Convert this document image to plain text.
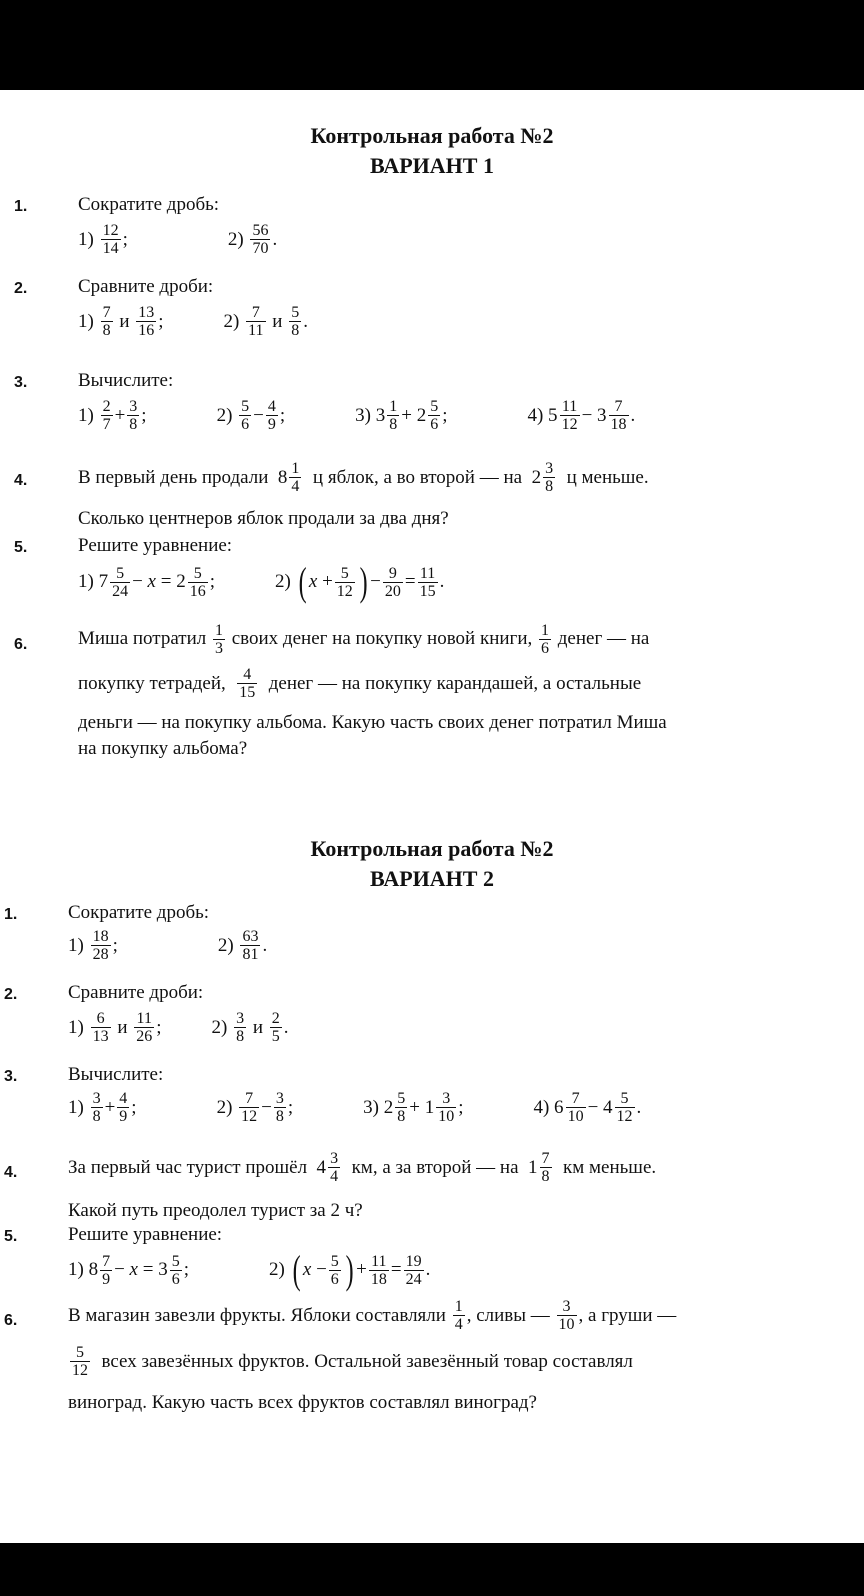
Контрольная работа №2
ВАРИАНТ 1
1.	Сократите дробь:
$1) \frac{12}{14}$ ;	$2) \frac{56}{70}$ .
2.	Сравните дроби:
$1) \frac{7}{8}$ и $\frac{13}{16}$ ;	$2) \frac{7}{11}$ и $\frac{5}{8}$ .
3.	Вычислите:
$1) \frac{2}{7} + \frac{3}{8}$ ;	$2) \frac{5}{6} - \frac{4}{9}$ ;	3) $3 \frac{1}{8} + 2 \frac{5}{6}$ ;	4) $5 \frac{11}{12} - 3 \frac{7}{18}$ .
4.	В первый день продали  $8 \frac{1}{4}$ ц яблок, а во второй — на  $2 \frac{3}{8}$ ц меньше.
Сколько центнеров яблок продали за два дня?
5.	Решите уравнение:
1) $7 \frac{5}{24} - x = 2 \frac{5}{16}$ ;	2) ( $x + \frac{5}{12}$ ) − $\frac{9}{20} = \frac{11}{15}$ .
6.	Миша потратил $\frac{1}{3}$ своих денег на покупку новой книги, $\frac{1}{6}$ денег — на
покупку тетрадей, $\frac{4}{15}$ денег — на покупку карандашей, а остальные
деньги — на покупку альбома. Какую часть своих денег потратил Миша
на покупку альбома?
Контрольная работа №2
ВАРИАНТ 2
1.	Сократите дробь:
$1) \frac{18}{28}$ ;	$2) \frac{63}{81}$ .
2.	Сравните дроби:
$1) \frac{6}{13}$ и $\frac{11}{26}$ ;	$2) \frac{3}{8}$ и $\frac{2}{5}$ .
3.	Вычислите:
$1) \frac{3}{8} + \frac{4}{9}$ ;	$2) \frac{7}{12} - \frac{3}{8}$ ;	3) $2 \frac{5}{8} + 1 \frac{3}{10}$ ;	4) $6 \frac{7}{10} - 4 \frac{5}{12}$ .
4.	За первый час турист прошёл  $4 \frac{3}{4}$ км, а за второй — на  $1 \frac{7}{8}$ км меньше.
Какой путь преодолел турист за 2 ч?
5.	Решите уравнение:
1) $8 \frac{7}{9} - x = 3 \frac{5}{6}$ ;	2) ( $x - \frac{5}{6}$ ) + $\frac{11}{18} = \frac{19}{24}$ .
6.	В магазин завезли фрукты. Яблоки составляли $\frac{1}{4}$ , сливы — $\frac{3}{10}$ , а груши —
$\frac{5}{12}$ всех завезённых фруктов. Остальной завезённый товар составлял
виноград. Какую часть всех фруктов составлял виноград?
